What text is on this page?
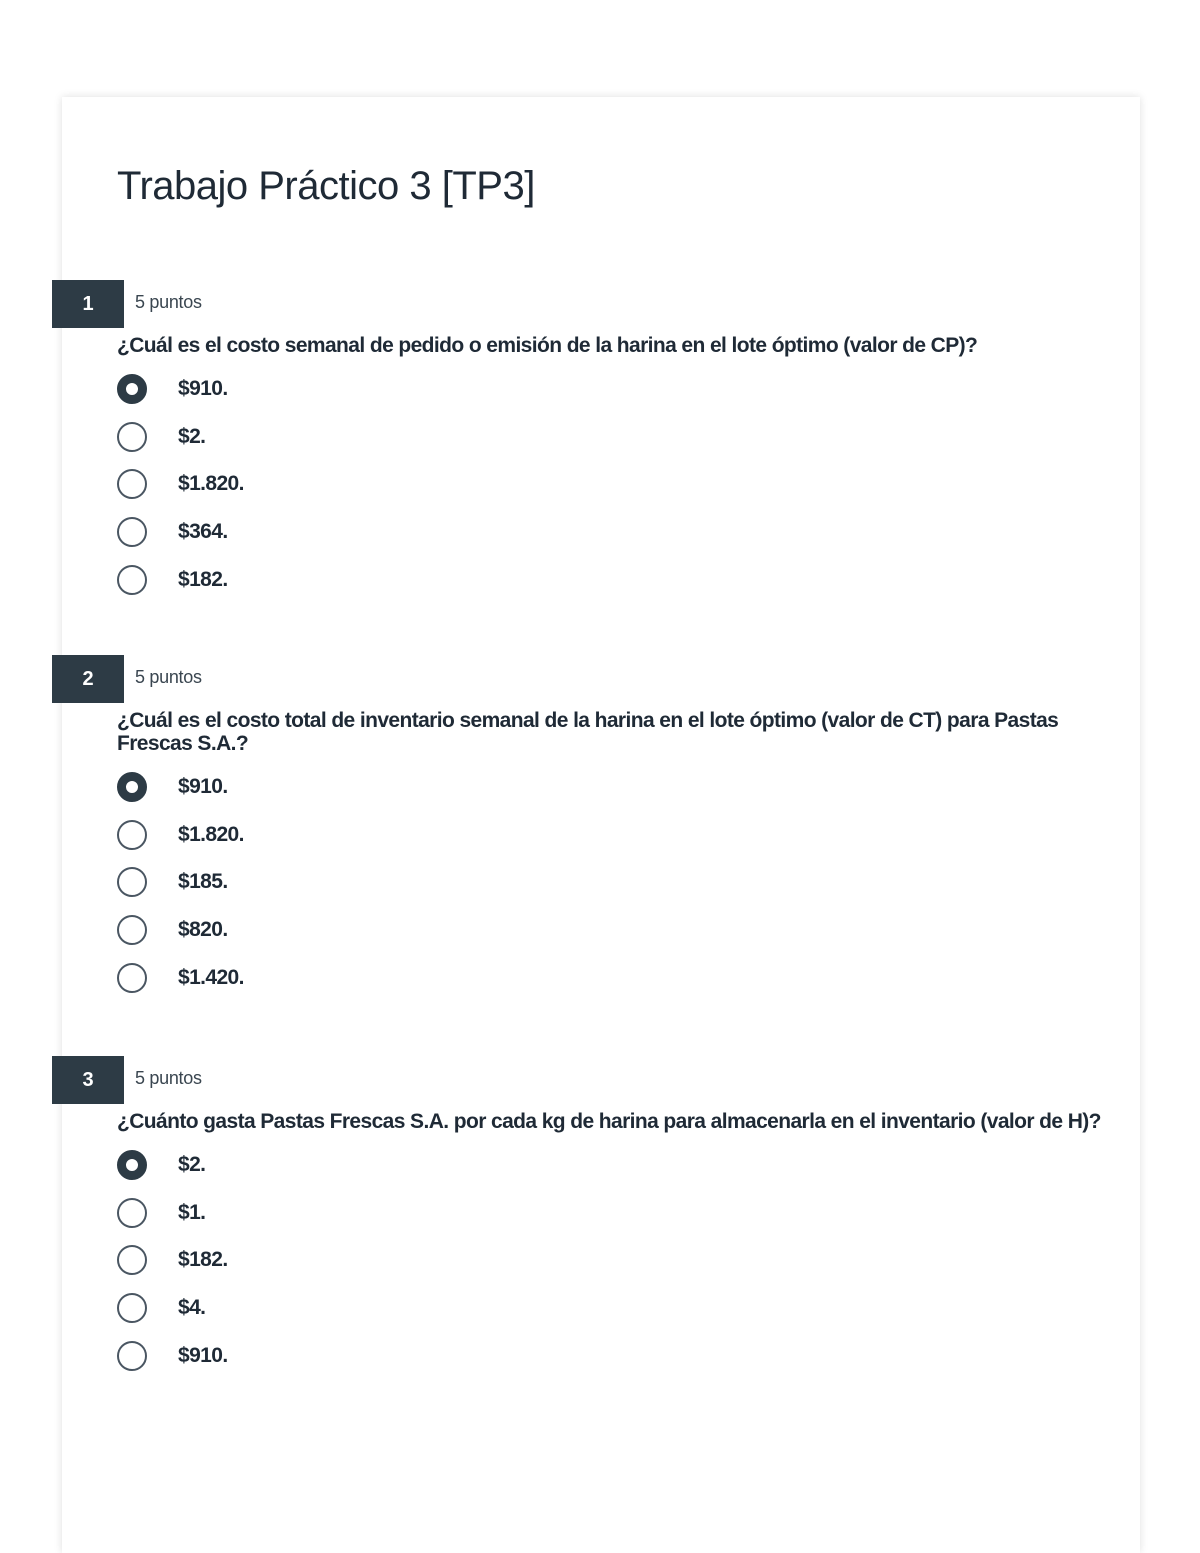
Trabajo Práctico 3 [TP3]
1	5 puntos
¿Cuál es el costo semanal de pedido o emisión de la harina en el lote óptimo (valor de CP)?
$910.
$2.
$1.820.
$364.
$182.
2	5 puntos
¿Cuál es el costo total de inventario semanal de la harina en el lote óptimo (valor de CT) para Pastas Frescas S.A.?
$910.
$1.820.
$185.
$820.
$1.420.
3	5 puntos
¿Cuánto gasta Pastas Frescas S.A. por cada kg de harina para almacenarla en el inventario (valor de H)?
$2.
$1.
$182.
$4.
$910.
